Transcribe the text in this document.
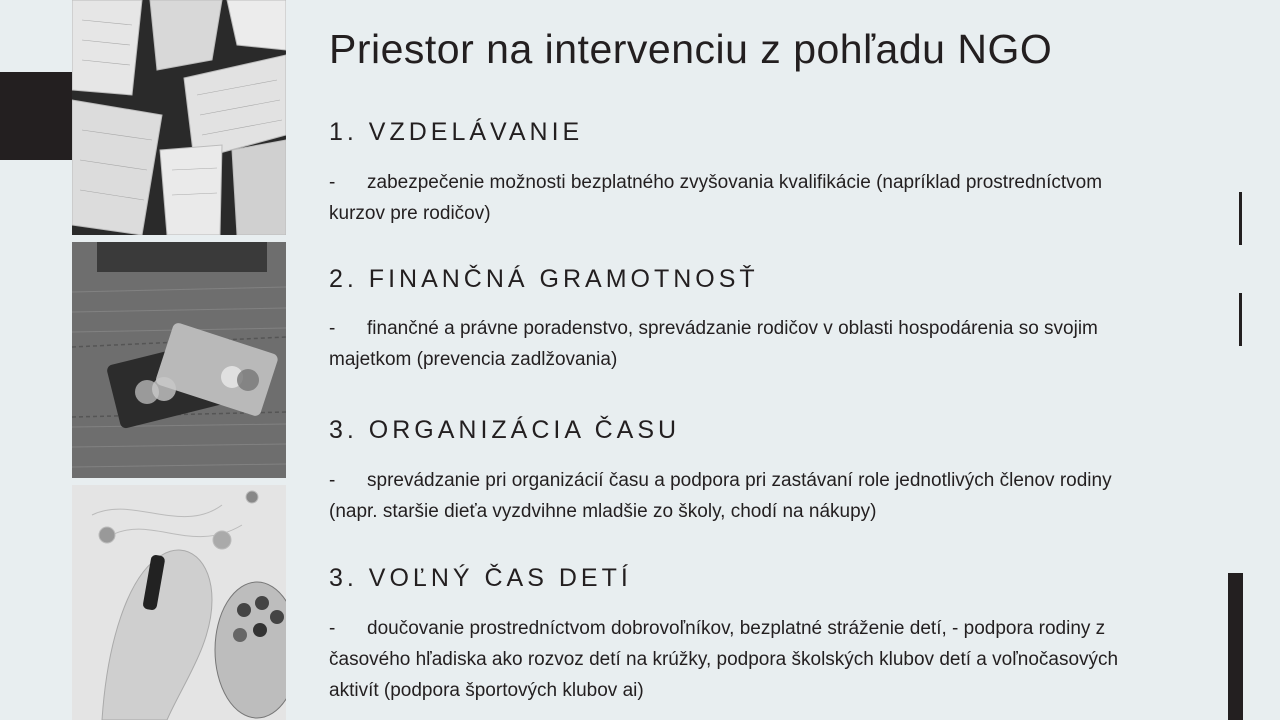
Priestor na intervenciu z pohľadu NGO
1. VZDELÁVANIE

- zabezpečenie možnosti bezplatného zvyšovania kvalifikácie (napríklad prostredníctvom kurzov pre rodičov)

2. FINANČNÁ GRAMOTNOSŤ

- finančné a právne poradenstvo, sprevádzanie rodičov v oblasti hospodárenia so svojim majetkom (prevencia zadlžovania)

3. ORGANIZÁCIA ČASU

- sprevádzanie pri organizácií času a podpora pri zastávaní role jednotlivých členov rodiny (napr. staršie dieťa vyzdvihne mladšie zo školy, chodí na nákupy)

3. VOĽNÝ ČAS DETÍ

- doučovanie prostredníctvom dobrovoľníkov, bezplatné stráženie detí, - podpora rodiny z časového hľadiska ako rozvoz detí na krúžky, podpora školských klubov detí a voľnočasových aktivít (podpora športových klubov ai)
